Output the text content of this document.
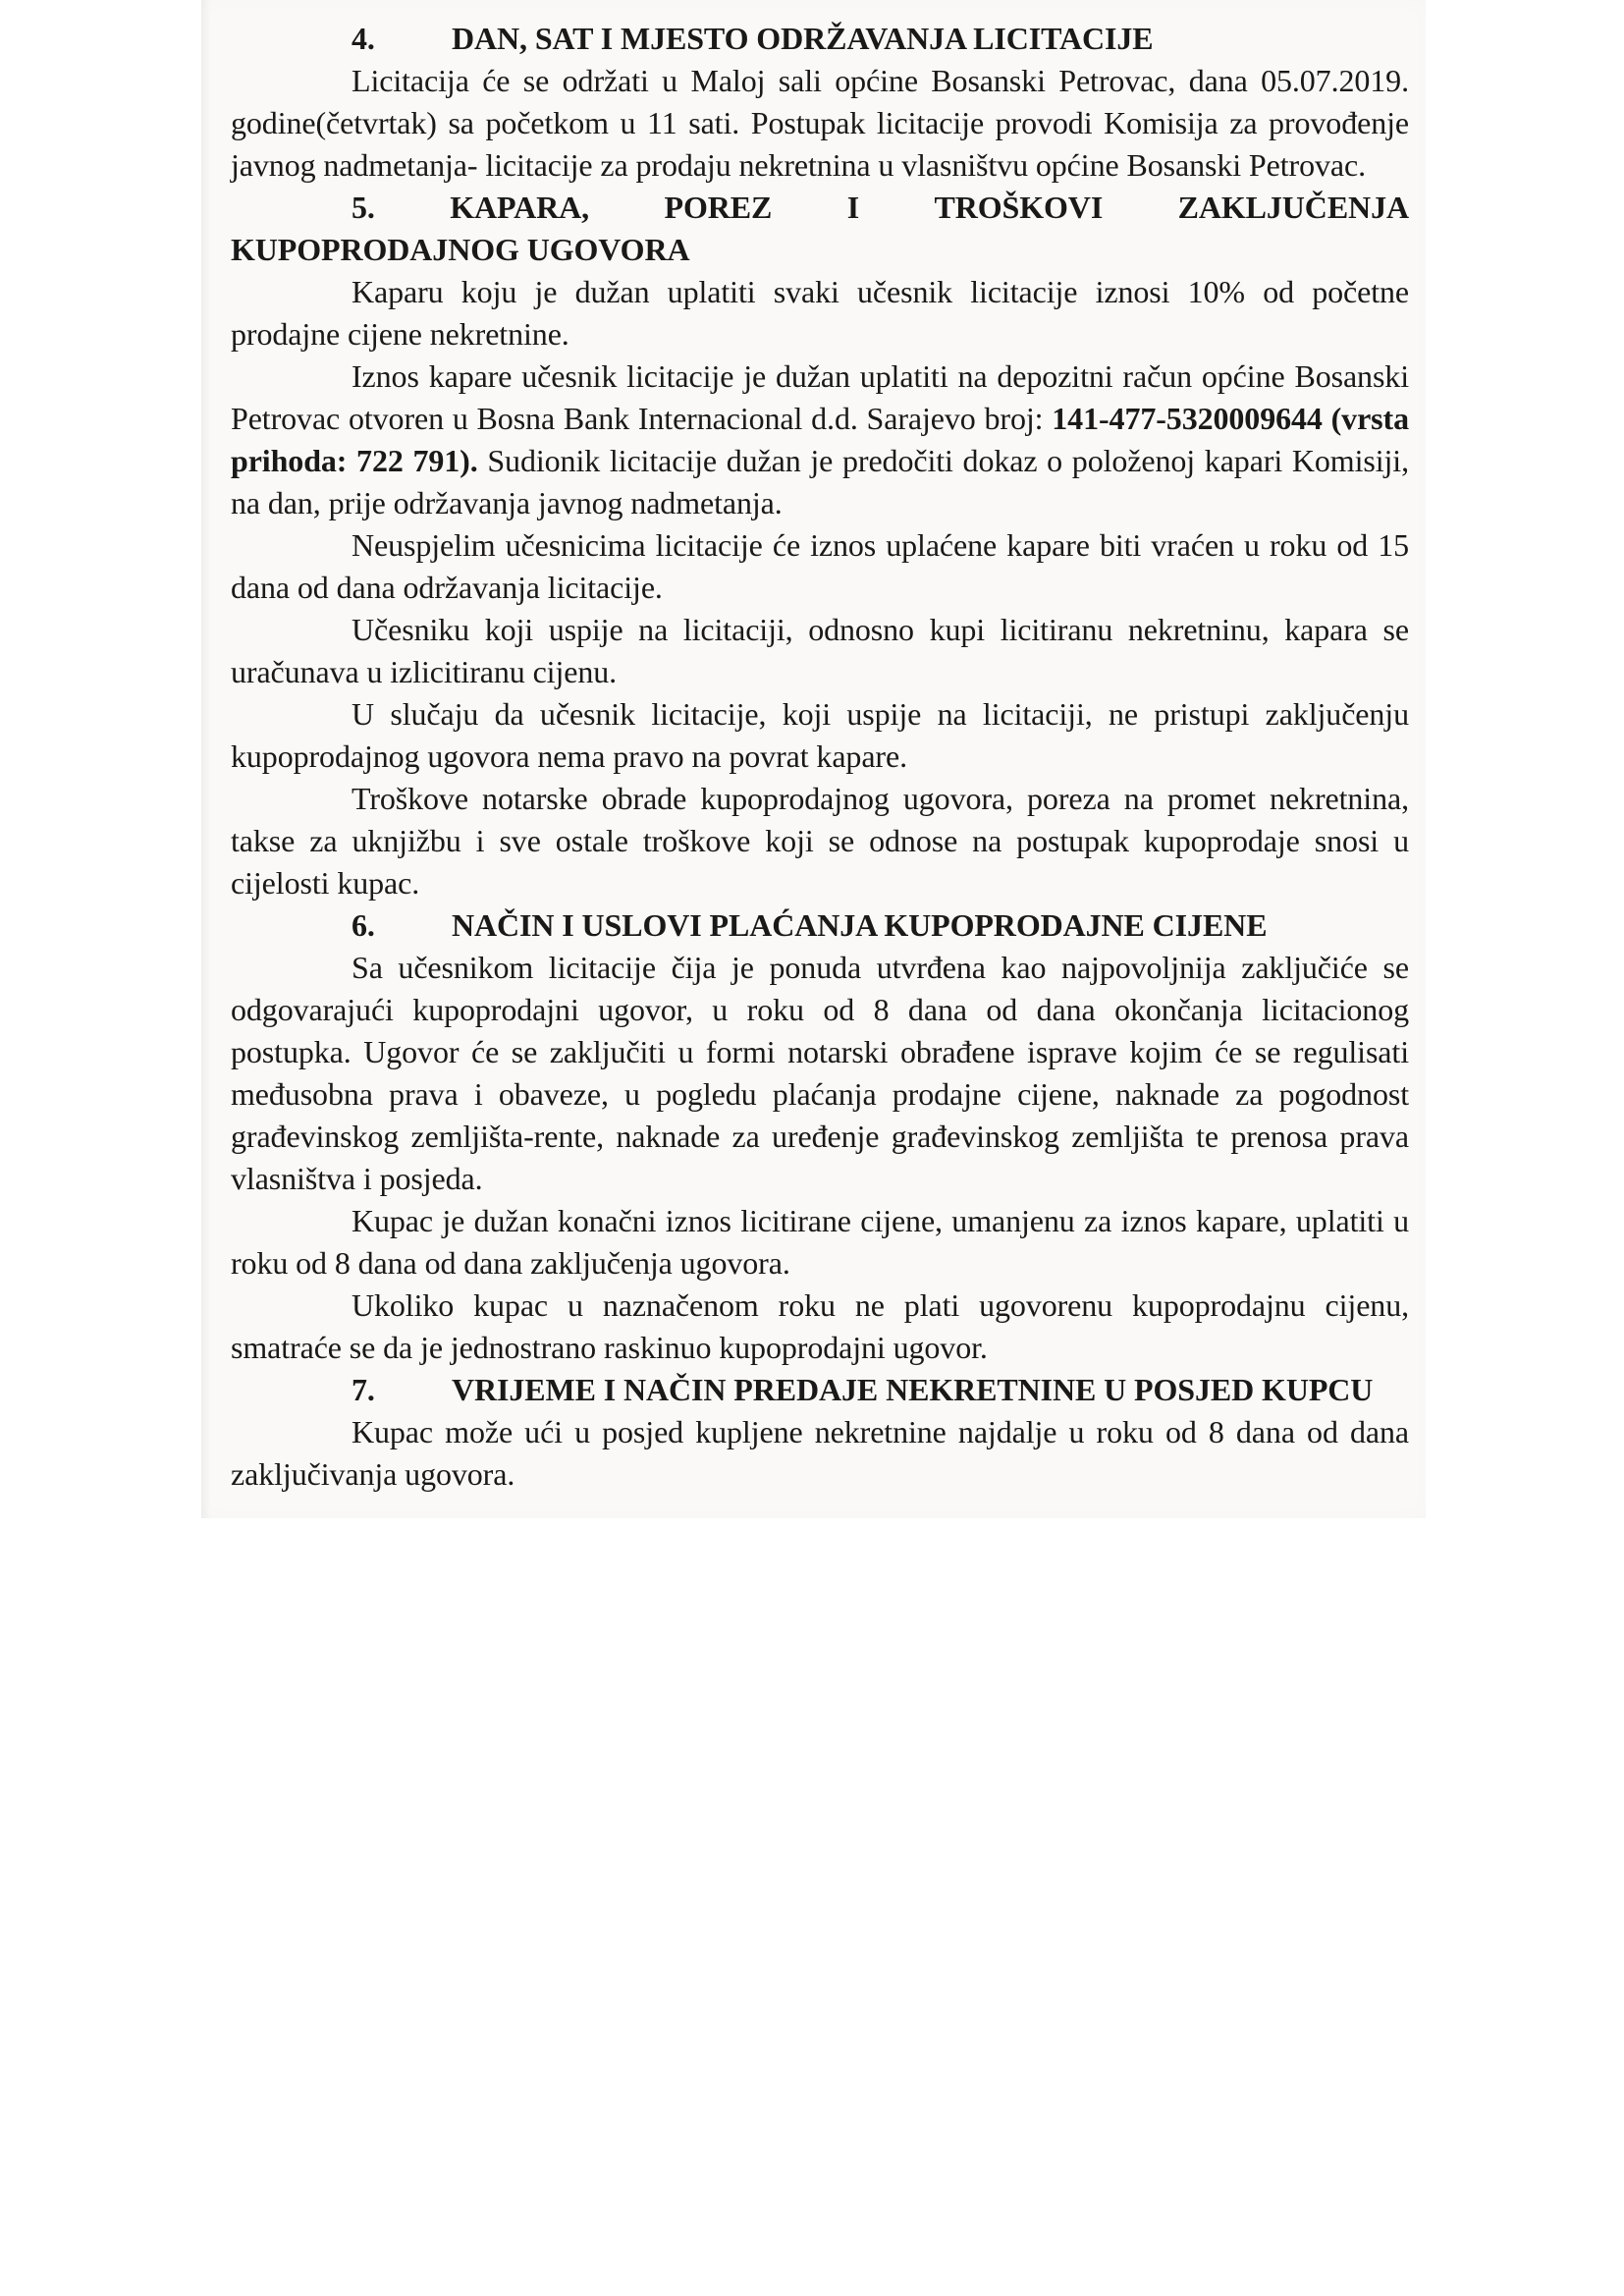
4. DAN, SAT I MJESTO ODRŽAVANJA LICITACIJE

Licitacija će se održati u Maloj sali općine Bosanski Petrovac, dana 05.07.2019. godine(četvrtak) sa početkom u 11 sati. Postupak licitacije provodi Komisija za provođenje javnog nadmetanja- licitacije za prodaju nekretnina u vlasništvu općine Bosanski Petrovac.

5. KAPARA, POREZ I TROŠKOVI ZAKLJUČENJA
KUPOPRODAJNOG UGOVORA

Kaparu koju je dužan uplatiti svaki učesnik licitacije iznosi 10% od početne prodajne cijene nekretnine.

Iznos kapare učesnik licitacije je dužan uplatiti na depozitni račun općine Bosanski Petrovac otvoren u Bosna Bank Internacional d.d. Sarajevo broj: 141-477-5320009644 (vrsta prihoda: 722 791). Sudionik licitacije dužan je predočiti dokaz o položenoj kapari Komisiji, na dan, prije održavanja javnog nadmetanja.

Neuspjelim učesnicima licitacije će iznos uplaćene kapare biti vraćen u roku od 15 dana od dana održavanja licitacije.

Učesniku koji uspije na licitaciji, odnosno kupi licitiranu nekretninu, kapara se uračunava u izlicitiranu cijenu.

U slučaju da učesnik licitacije, koji uspije na licitaciji, ne pristupi zaključenju kupoprodajnog ugovora nema pravo na povrat kapare.

Troškove notarske obrade kupoprodajnog ugovora, poreza na promet nekretnina, takse za uknjižbu i sve ostale troškove koji se odnose na postupak kupoprodaje snosi u cijelosti kupac.

6. NAČIN I USLOVI PLAĆANJA KUPOPRODAJNE CIJENE

Sa učesnikom licitacije čija je ponuda utvrđena kao najpovoljnija zaključiće se odgovarajući kupoprodajni ugovor, u roku od 8 dana od dana okončanja licitacionog postupka. Ugovor će se zaključiti u formi notarski obrađene isprave kojim će se regulisati međusobna prava i obaveze, u pogledu plaćanja prodajne cijene, naknade za pogodnost građevinskog zemljišta-rente, naknade za uređenje građevinskog zemljišta te prenosa prava vlasništva i posjeda.

Kupac je dužan konačni iznos licitirane cijene, umanjenu za iznos kapare, uplatiti u roku od 8 dana od dana zaključenja ugovora.

Ukoliko kupac u naznačenom roku ne plati ugovorenu kupoprodajnu cijenu, smatraće se da je jednostrano raskinuo kupoprodajni ugovor.

7. VRIJEME I NAČIN PREDAJE NEKRETNINE U POSJED KUPCU

Kupac može ući u posjed kupljene nekretnine najdalje u roku od 8 dana od dana zaključivanja ugovora.
